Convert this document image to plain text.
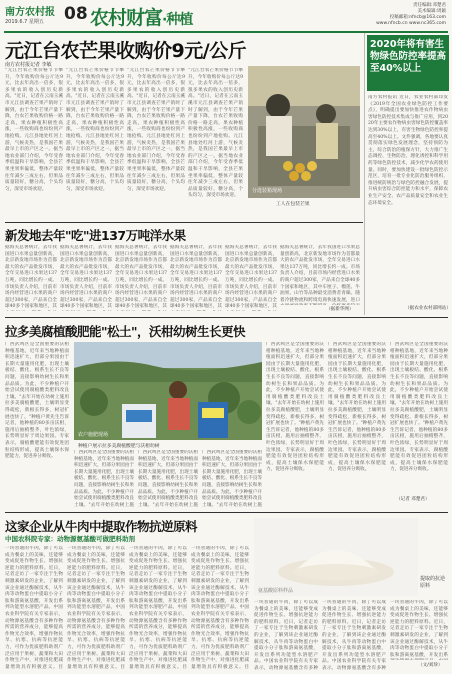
南方农村报
2019.6.7 星期五 08 农村财富·种植
责任编辑:邓楚君
美术编辑:周颖
投稿邮箱:nfncb@163.com
www.nfncb.cn www.nc365.com
元江台农芒果收购价9元/公斤
南方农村报记者 李敏
"元江台农芒果价格节节攀升，今年收购价每公斤达9元，比去年高出一倍多，很多果农的收入创历史新高。"近日，记者在云南玉溪市元江县调查芒果产销时了解到，由于今年芒果产量下降，台农芒果收购价格一路走高，果农种植积极性高涨，一些收购商也纷纷到产地抢购。元江县地处红河上游，气候炎热，是我国芒果最早上市的产区之一。据当地农业部门介绍，今年受春季低温和干旱影响，全县芒果坐果率偏低，整体产量较往年减少三成左右，但果品质量较好，糖分高，个头均匀，深受市场欢迎。
"元江台农芒果价格节节攀升，今年收购价每公斤达9元，比去年高出一倍多，很多果农的收入创历史新高。"近日，记者在云南玉溪市元江县调查芒果产销时了解到，由于今年芒果产量下降，台农芒果收购价格一路走高，果农种植积极性高涨，一些收购商也纷纷到产地抢购。元江县地处红河上游，气候炎热，是我国芒果最早上市的产区之一。据当地农业部门介绍，今年受春季低温和干旱影响，全县芒果坐果率偏低，整体产量较往年减少三成左右，但果品质量较好，糖分高，个头均匀，深受市场欢迎。
"元江台农芒果价格节节攀升，今年收购价每公斤达9元，比去年高出一倍多，很多果农的收入创历史新高。"近日，记者在云南玉溪市元江县调查芒果产销时了解到，由于今年芒果产量下降，台农芒果收购价格一路走高，果农种植积极性高涨，一些收购商也纷纷到产地抢购。元江县地处红河上游，气候炎热，是我国芒果最早上市的产区之一。据当地农业部门介绍，今年受春季低温和干旱影响，全县芒果坐果率偏低，整体产量较往年减少三成左右，但果品质量较好，糖分高，个头均匀，深受市场欢迎。
"元江台农芒果价格节节攀升，今年收购价每公斤达9元，比去年高出一倍多，很多果农的收入创历史新高。"近日，记者在云南玉溪市元江县调查芒果产销时了解到，由于今年芒果产量下降，台农芒果收购价格一路走高，果农种植积极性高涨，一些收购商也纷纷到产地抢购。元江县地处红河上游，气候炎热，是我国芒果最早上市的产区之一。据当地农业部门介绍，今年受春季低温和干旱影响，全县芒果坐果率偏低，整体产量较往年减少三成左右，但果品质量较好，糖分高，个头均匀，深受市场欢迎。
分选装箱现场
工人在包装芒果
2020年将有害生物绿色防控率提高至40%以上
南方农村报讯 近日，农业农村部印发《2019年全国农业绿色防控工作要点》，明确提出要加快推进农作物病虫害绿色防控技术集成与推广应用，到2020年主要农作物病虫害绿色防控覆盖率达到30%以上，有害生物绿色防控率提高至40%以上。文件强调，各地要认真贯彻落实绿色发展理念，坚持预防为主、综合防治的植保方针，大力推广生态调控、生物防治、理化诱控和科学用药等绿色防控技术，减少化学农药使用量。同时，要加快建设一批绿色防控示范区，培育一批专业化防治服务组织，推进统防统治与绿色防控融合发展，提升病虫害综合防控能力和水平，保障农业生产安全、农产品质量安全和农业生态环境安全。
（据农业农村部网站）
新发地去年"吃"进137万吨洋水果
据海关总署统计，去年我国进口水果总量创新高，北京新发地市场作为首都最大的农产品批发市场，全年交易进口水果达137万吨，同比增长约一成。市场负责人介绍，目前市场内经营进口水果的商户超过300家，产品来自全球40多个国家和地区，其
据海关总署统计，去年我国进口水果总量创新高，北京新发地市场作为首都最大的农产品批发市场，全年交易进口水果达137万吨，同比增长约一成。市场负责人介绍，目前市场内经营进口水果的商户超过300家，产品来自全球40多个国家和地区，其
据海关总署统计，去年我国进口水果总量创新高，北京新发地市场作为首都最大的农产品批发市场，全年交易进口水果达137万吨，同比增长约一成。市场负责人介绍，目前市场内经营进口水果的商户超过300家，产品来自全球40多个国家和地区，其
据海关总署统计，去年我国进口水果总量创新高，北京新发地市场作为首都最大的农产品批发市场，全年交易进口水果达137万吨，同比增长约一成。市场负责人介绍，目前市场内经营进口水果的商户超过300家，产品来自全球40多个国家和地区，其
据海关总署统计，去年我国进口水果总量创新高，北京新发地市场作为首都最大的农产品批发市场，全年交易进口水果达137万吨，同比增长约一成。市场负责人介绍，目前市场内经营进口水果的商户超过300家，产品来自全球40多个国家和地区，其
据海关总署统计，去年我国进口水果总量创新高，北京新发地市场作为首都最大的农产品批发市场，全年交易进口水果达137万吨，同比增长约一成。市场负责人介绍，目前市场内经营进口水果的商户超过300家，产品来自全球40多个国家和地区，其中车厘子、榴莲、牛油果、山竹等品种最受消费者青睐。随着冷链物流和跨境电商快速发展，进口
（据新华网）
拉多美腐植酸肥能"松土"，沃柑幼树生长更快
广西武鸣区是全国重要的沃柑种植基地，近年来当地种植面积迅速扩大，但部分果园由于长期大量施用化肥，出现土壤板结、酸化、根系生长不良等问题，直接影响幼树生长和果品品质。为此，不少种植户开始尝试使用腐植酸类肥料改良土壤。"去年开始在幼树上施用拉多美腐植酸肥，土壤明显变得疏松，新根长得多，树冠扩展也快了。"种植户黄先生告诉记者，他种植的80多亩沃柑，施用后抽梢整齐，叶色浓绿，长势明显好于周边果园。专家表示，腐植酸肥能有效促进团粒结构形成，提高土壤保水保肥能力，促进养分吸收。
农户施肥现场
种植户展示拉多美腐植酸肥与沃柑幼树
广西武鸣区是全国重要的沃柑种植基地，近年来当地种植面积迅速扩大，但部分果园由于长期大量施用化肥，出现土壤板结、酸化、根系生长不良等问题，直接影响幼树生长和果品品质。为此，不少种植户开始尝试使用腐植酸类肥料改良土壤。"去年开始在幼树上施
广西武鸣区是全国重要的沃柑种植基地，近年来当地种植面积迅速扩大，但部分果园由于长期大量施用化肥，出现土壤板结、酸化、根系生长不良等问题，直接影响幼树生长和果品品质。为此，不少种植户开始尝试使用腐植酸类肥料改良土壤。"去年开始在幼树上施
广西武鸣区是全国重要的沃柑种植基地，近年来当地种植面积迅速扩大，但部分果园由于长期大量施用化肥，出现土壤板结、酸化、根系生长不良等问题，直接影响幼树生长和果品品质。为此，不少种植户开始尝试使用腐植酸类肥料改良土壤。"去年开始在幼树上施
广西武鸣区是全国重要的沃柑种植基地，近年来当地种植面积迅速扩大，但部分果园由于长期大量施用化肥，出现土壤板结、酸化、根系生长不良等问题，直接影响幼树生长和果品品质。为此，不少种植户开始尝试使用腐植酸类肥料改良土壤。"去年开始在幼树上施用拉多美腐植酸肥，土壤明显变得疏松，新根长得多，树冠扩展也快了。"种植户黄先生告诉记者，他种植的80多亩沃柑，施用后抽梢整齐，叶色浓绿，长势明显好于周边果园。专家表示，腐植酸肥能有效促进团粒结构形成，提高土壤保水保肥能力，促进养分吸收。
广西武鸣区是全国重要的沃柑种植基地，近年来当地种植面积迅速扩大，但部分果园由于长期大量施用化肥，出现土壤板结、酸化、根系生长不良等问题，直接影响幼树生长和果品品质。为此，不少种植户开始尝试使用腐植酸类肥料改良土壤。"去年开始在幼树上施用拉多美腐植酸肥，土壤明显变得疏松，新根长得多，树冠扩展也快了。"种植户黄先生告诉记者，他种植的80多亩沃柑，施用后抽梢整齐，叶色浓绿，长势明显好于周边果园。专家表示，腐植酸肥能有效促进团粒结构形成，提高土壤保水保肥能力，促进养分吸收。
广西武鸣区是全国重要的沃柑种植基地，近年来当地种植面积迅速扩大，但部分果园由于长期大量施用化肥，出现土壤板结、酸化、根系生长不良等问题，直接影响幼树生长和果品品质。为此，不少种植户开始尝试使用腐植酸类肥料改良土壤。"去年开始在幼树上施用拉多美腐植酸肥，土壤明显变得疏松，新根长得多，树冠扩展也快了。"种植户黄先生告诉记者，他种植的80多亩沃柑，施用后抽梢整齐，叶色浓绿，长势明显好于周边果园。专家表示，腐植酸肥能有效促进团粒结构形成，提高土壤保水保肥能力，促进养分吸收。
（记者 邓楚君）
这家企业从牛肉中提取作物抗逆原料
中国农科院专家：动物源氨基酸可做肥料助剂
一块普通的牛肉，除了可以成为餐桌上的美味，还能够变成促进作物生长、增强抗逆能力的肥料原料。近日，记者走访了一家专注于生物刺激素研发的企业，了解到该企业通过酶解技术，从牛肉等动物蛋白中提取小分子肽和游离氨基酸，开发出系列功能型水溶肥产品。中国农业科学院有关专家表示，动物源氨基酸含有多种作物所需的营养成分，能够提高作物光合效率，增强作物抗旱、抗寒、抗病等抗逆能力，可作为优质肥料助剂广泛应用于果树、蔬菜和大田作物生产中，对推进化肥减量增效具有积极意义。目
一块普通的牛肉，除了可以成为餐桌上的美味，还能够变成促进作物生长、增强抗逆能力的肥料原料。近日，记者走访了一家专注于生物刺激素研发的企业，了解到该企业通过酶解技术，从牛肉等动物蛋白中提取小分子肽和游离氨基酸，开发出系列功能型水溶肥产品。中国农业科学院有关专家表示，动物源氨基酸含有多种作物所需的营养成分，能够提高作物光合效率，增强作物抗旱、抗寒、抗病等抗逆能力，可作为优质肥料助剂广泛应用于果树、蔬菜和大田作物生产中，对推进化肥减量增效具有积极意义。目
一块普通的牛肉，除了可以成为餐桌上的美味，还能够变成促进作物生长、增强抗逆能力的肥料原料。近日，记者走访了一家专注于生物刺激素研发的企业，了解到该企业通过酶解技术，从牛肉等动物蛋白中提取小分子肽和游离氨基酸，开发出系列功能型水溶肥产品。中国农业科学院有关专家表示，动物源氨基酸含有多种作物所需的营养成分，能够提高作物光合效率，增强作物抗旱、抗寒、抗病等抗逆能力，可作为优质肥料助剂广泛应用于果树、蔬菜和大田作物生产中，对推进化肥减量增效具有积极意义。目
一块普通的牛肉，除了可以成为餐桌上的美味，还能够变成促进作物生长、增强抗逆能力的肥料原料。近日，记者走访了一家专注于生物刺激素研发的企业，了解到该企业通过酶解技术，从牛肉等动物蛋白中提取小分子肽和游离氨基酸，开发出系列功能型水溶肥产品。中国农业科学院有关专家表示，动物源氨基酸含有多种作物所需的营养成分，能够提高作物光合效率，增强作物抗旱、抗寒、抗病等抗逆能力，可作为优质肥料助剂广泛应用于果树、蔬菜和大田作物生产中，对推进化肥减量增效具有积极意义。目
氨基酸原料样品
提取的抗逆原料
一块普通的牛肉，除了可以成为餐桌上的美味，还能够变成促进作物生长、增强抗逆能力的肥料原料。近日，记者走访了一家专注于生物刺激素研发的企业，了解到该企业通过酶解技术，从牛肉等动物蛋白中提取小分子肽和游离氨基酸，开发出系列功能型水溶肥产品。中国农业科学院有关专家表示，动物源氨基酸含有多种
一块普通的牛肉，除了可以成为餐桌上的美味，还能够变成促进作物生长、增强抗逆能力的肥料原料。近日，记者走访了一家专注于生物刺激素研发的企业，了解到该企业通过酶解技术，从牛肉等动物蛋白中提取小分子肽和游离氨基酸，开发出系列功能型水溶肥产品。中国农业科学院有关专家表示，动物源氨基酸含有多种
一块普通的牛肉，除了可以成为餐桌上的美味，还能够变成促进作物生长、增强抗逆能力的肥料原料。近日，记者走访了一家专注于生物刺激素研发的企业，了解到该企业通过酶解技术，从牛肉等动物蛋白中提取小分子肽和游离氨基酸，开发出系
（文/刘珍）
